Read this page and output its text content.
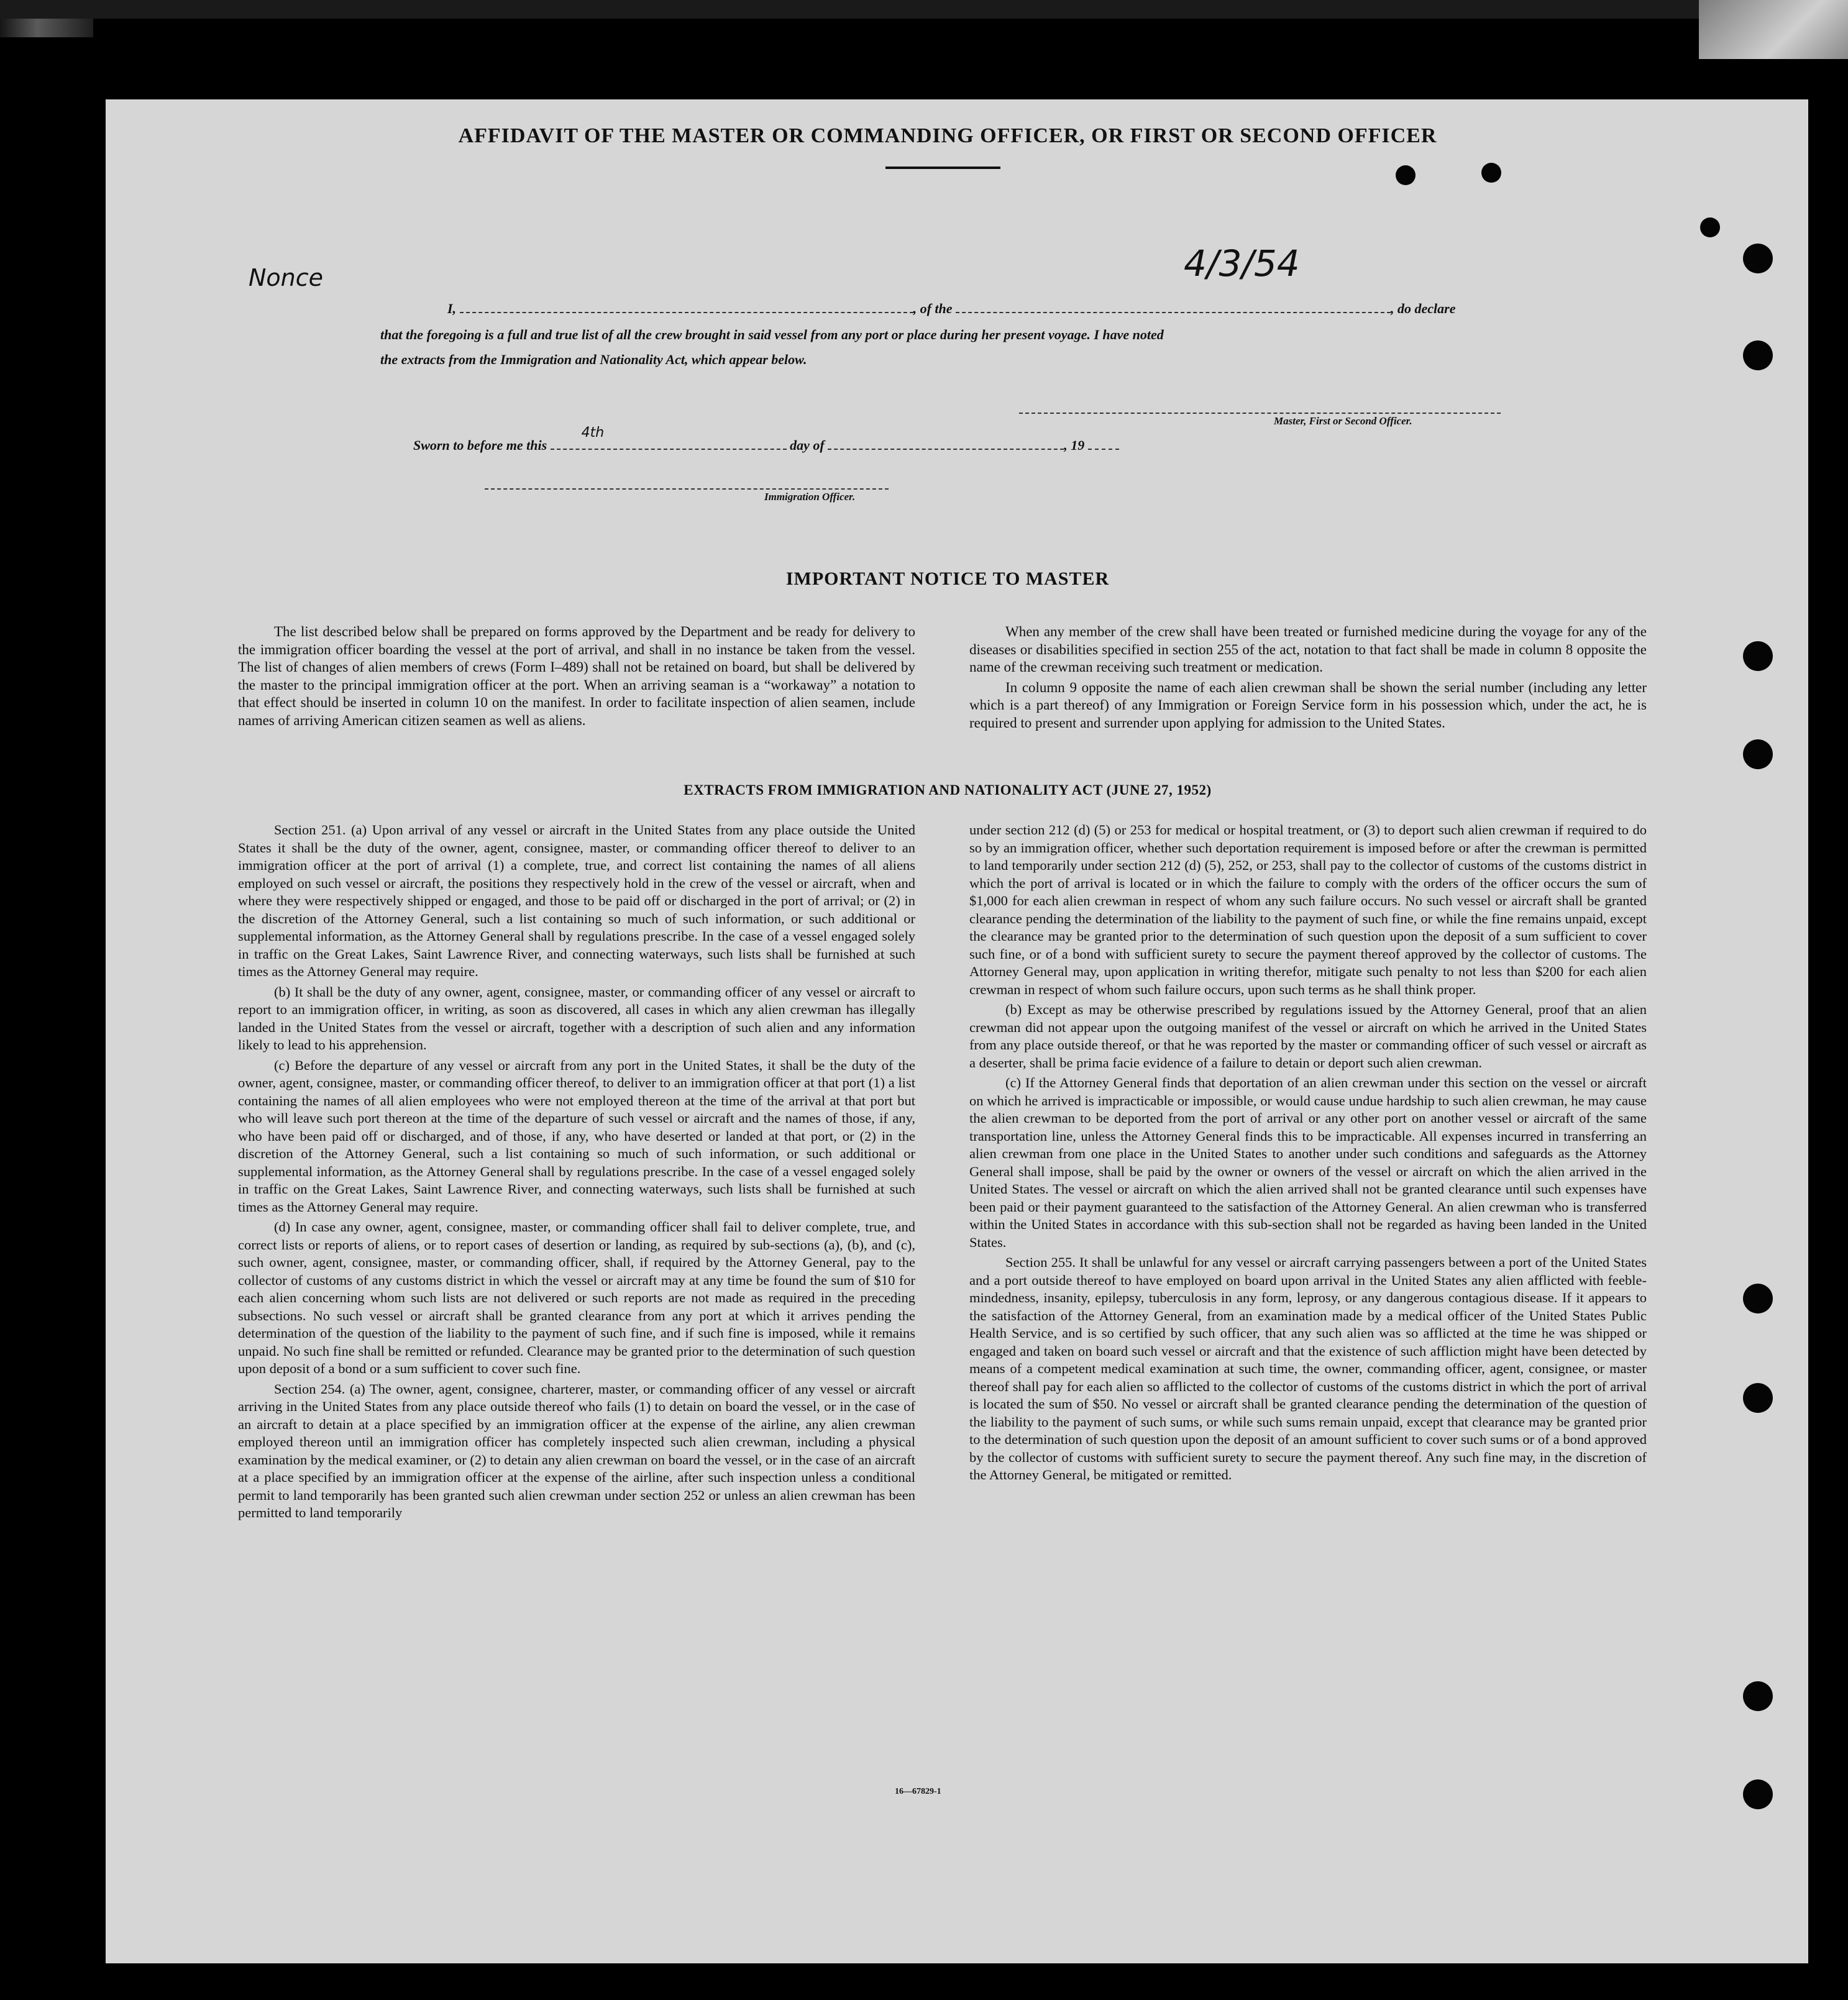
AFFIDAVIT OF THE MASTER OR COMMANDING OFFICER, OR FIRST OR SECOND OFFICER
Nonce	4/3/54
I,	, of the	, do declare
that the foregoing is a full and true list of all the crew brought in said vessel from any port or place during her present voyage. I have noted
the extracts from the Immigration and Nationality Act, which appear below.
Master, First or Second Officer.
Sworn to before me this
4th
day of	, 19
Immigration Officer.
IMPORTANT NOTICE TO MASTER

The list described below shall be prepared on forms approved by the Department and be ready for delivery to the immigration officer boarding the vessel at the port of arrival, and shall in no instance be taken from the vessel. The list of changes of alien members of crews (Form I–489) shall not be retained on board, but shall be delivered by the master to the principal immigration officer at the port. When an arriving seaman is a “workaway” a notation to that effect should be inserted in column 10 on the manifest. In order to facilitate inspection of alien seamen, include names of arriving American citizen seamen as well as aliens.

When any member of the crew shall have been treated or furnished medicine during the voyage for any of the diseases or disabilities specified in section 255 of the act, notation to that fact shall be made in column 8 opposite the name of the crewman receiving such treatment or medication.

In column 9 opposite the name of each alien crewman shall be shown the serial number (including any letter which is a part thereof) of any Immigration or Foreign Service form in his possession which, under the act, he is required to present and surrender upon applying for admission to the United States.

EXTRACTS FROM IMMIGRATION AND NATIONALITY ACT (JUNE 27, 1952)

Section 251. (a) Upon arrival of any vessel or aircraft in the United States from any place outside the United States it shall be the duty of the owner, agent, consignee, master, or commanding officer thereof to deliver to an immigration officer at the port of arrival (1) a complete, true, and correct list containing the names of all aliens employed on such vessel or aircraft, the positions they respectively hold in the crew of the vessel or aircraft, when and where they were respectively shipped or engaged, and those to be paid off or discharged in the port of arrival; or (2) in the discretion of the Attorney General, such a list containing so much of such information, or such additional or supplemental information, as the Attorney General shall by regulations prescribe. In the case of a vessel engaged solely in traffic on the Great Lakes, Saint Lawrence River, and connecting waterways, such lists shall be furnished at such times as the Attorney General may require.

(b) It shall be the duty of any owner, agent, consignee, master, or commanding officer of any vessel or aircraft to report to an immigration officer, in writing, as soon as discovered, all cases in which any alien crewman has illegally landed in the United States from the vessel or aircraft, together with a description of such alien and any information likely to lead to his apprehension.

(c) Before the departure of any vessel or aircraft from any port in the United States, it shall be the duty of the owner, agent, consignee, master, or commanding officer thereof, to deliver to an immigration officer at that port (1) a list containing the names of all alien employees who were not employed thereon at the time of the arrival at that port but who will leave such port thereon at the time of the departure of such vessel or aircraft and the names of those, if any, who have been paid off or discharged, and of those, if any, who have deserted or landed at that port, or (2) in the discretion of the Attorney General, such a list containing so much of such information, or such additional or supplemental information, as the Attorney General shall by regulations prescribe. In the case of a vessel engaged solely in traffic on the Great Lakes, Saint Lawrence River, and connecting waterways, such lists shall be furnished at such times as the Attorney General may require.

(d) In case any owner, agent, consignee, master, or commanding officer shall fail to deliver complete, true, and correct lists or reports of aliens, or to report cases of desertion or landing, as required by sub-sections (a), (b), and (c), such owner, agent, consignee, master, or commanding officer, shall, if required by the Attorney General, pay to the collector of customs of any customs district in which the vessel or aircraft may at any time be found the sum of $10 for each alien concerning whom such lists are not delivered or such reports are not made as required in the preceding subsections. No such vessel or aircraft shall be granted clearance from any port at which it arrives pending the determination of the question of the liability to the payment of such fine, and if such fine is imposed, while it remains unpaid. No such fine shall be remitted or refunded. Clearance may be granted prior to the determination of such question upon deposit of a bond or a sum sufficient to cover such fine.

Section 254. (a) The owner, agent, consignee, charterer, master, or commanding officer of any vessel or aircraft arriving in the United States from any place outside thereof who fails (1) to detain on board the vessel, or in the case of an aircraft to detain at a place specified by an immigration officer at the expense of the airline, any alien crewman employed thereon until an immigration officer has completely inspected such alien crewman, including a physical examination by the medical examiner, or (2) to detain any alien crewman on board the vessel, or in the case of an aircraft at a place specified by an immigration officer at the expense of the airline, after such inspection unless a conditional permit to land temporarily has been granted such alien crewman under section 252 or unless an alien crewman has been permitted to land temporarily

under section 212 (d) (5) or 253 for medical or hospital treatment, or (3) to deport such alien crewman if required to do so by an immigration officer, whether such deportation requirement is imposed before or after the crewman is permitted to land temporarily under section 212 (d) (5), 252, or 253, shall pay to the collector of customs of the customs district in which the port of arrival is located or in which the failure to comply with the orders of the officer occurs the sum of $1,000 for each alien crewman in respect of whom any such failure occurs. No such vessel or aircraft shall be granted clearance pending the determination of the liability to the payment of such fine, or while the fine remains unpaid, except the clearance may be granted prior to the determination of such question upon the deposit of a sum sufficient to cover such fine, or of a bond with sufficient surety to secure the payment thereof approved by the collector of customs. The Attorney General may, upon application in writing therefor, mitigate such penalty to not less than $200 for each alien crewman in respect of whom such failure occurs, upon such terms as he shall think proper.

(b) Except as may be otherwise prescribed by regulations issued by the Attorney General, proof that an alien crewman did not appear upon the outgoing manifest of the vessel or aircraft on which he arrived in the United States from any place outside thereof, or that he was reported by the master or commanding officer of such vessel or aircraft as a deserter, shall be prima facie evidence of a failure to detain or deport such alien crewman.

(c) If the Attorney General finds that deportation of an alien crewman under this section on the vessel or aircraft on which he arrived is impracticable or impossible, or would cause undue hardship to such alien crewman, he may cause the alien crewman to be deported from the port of arrival or any other port on another vessel or aircraft of the same transportation line, unless the Attorney General finds this to be impracticable. All expenses incurred in transferring an alien crewman from one place in the United States to another under such conditions and safeguards as the Attorney General shall impose, shall be paid by the owner or owners of the vessel or aircraft on which the alien arrived in the United States. The vessel or aircraft on which the alien arrived shall not be granted clearance until such expenses have been paid or their payment guaranteed to the satisfaction of the Attorney General. An alien crewman who is transferred within the United States in accordance with this sub-section shall not be regarded as having been landed in the United States.

Section 255. It shall be unlawful for any vessel or aircraft carrying passengers between a port of the United States and a port outside thereof to have employed on board upon arrival in the United States any alien afflicted with feeble-mindedness, insanity, epilepsy, tuberculosis in any form, leprosy, or any dangerous contagious disease. If it appears to the satisfaction of the Attorney General, from an examination made by a medical officer of the United States Public Health Service, and is so certified by such officer, that any such alien was so afflicted at the time he was shipped or engaged and taken on board such vessel or aircraft and that the existence of such affliction might have been detected by means of a competent medical examination at such time, the owner, commanding officer, agent, consignee, or master thereof shall pay for each alien so afflicted to the collector of customs of the customs district in which the port of arrival is located the sum of $50. No vessel or aircraft shall be granted clearance pending the determination of the question of the liability to the payment of such sums, or while such sums remain unpaid, except that clearance may be granted prior to the determination of such question upon the deposit of an amount sufficient to cover such sums or of a bond approved by the collector of customs with sufficient surety to secure the payment thereof. Any such fine may, in the discretion of the Attorney General, be mitigated or remitted.

16—67829-1
